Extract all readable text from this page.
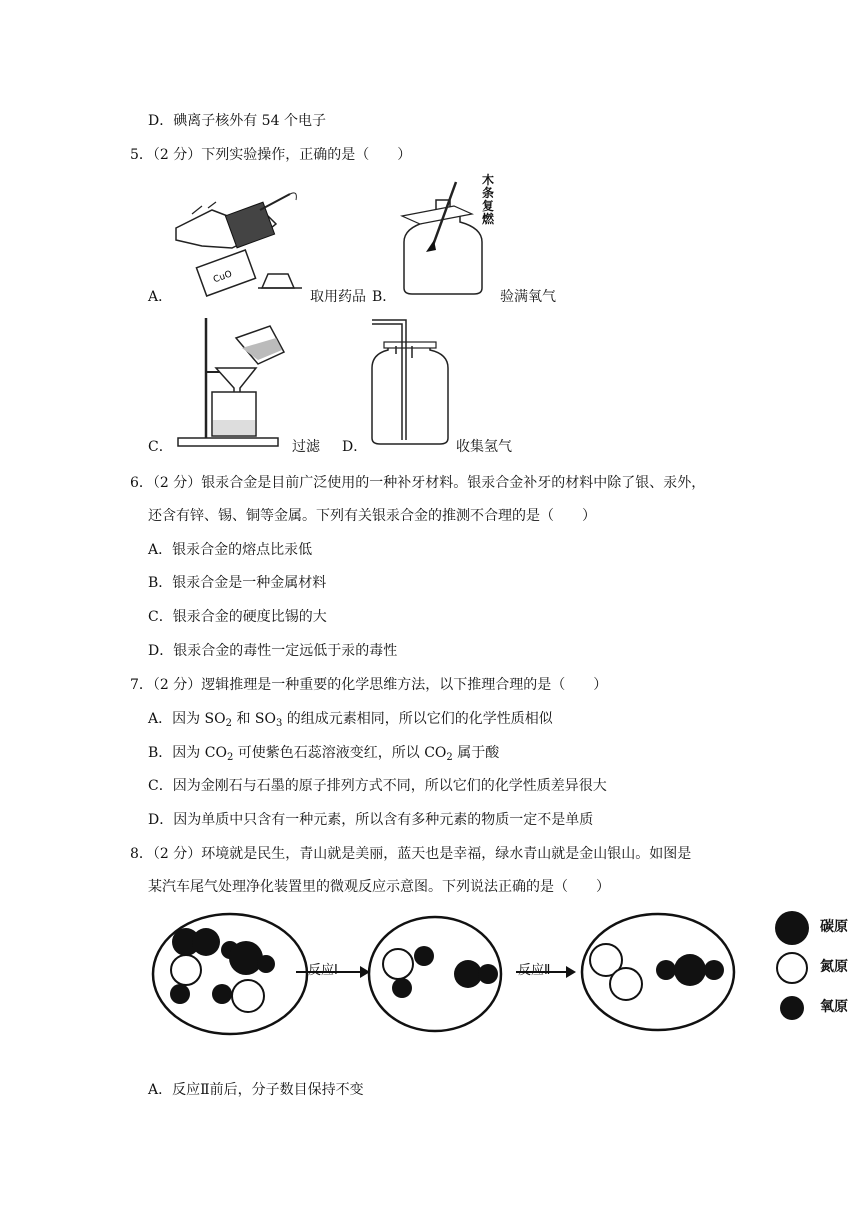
D．碘离子核外有 54 个电子
5．（2 分）下列实验操作，正确的是（　　）
A．
CuO
取用药品 B．
木条复燃
验满氧气
C．	过滤 D．	收集氢气
6．（2 分）银汞合金是目前广泛使用的一种补牙材料。银汞合金补牙的材料中除了银、汞外，
还含有锌、锡、铜等金属。下列有关银汞合金的推测不合理的是（　　）
A．银汞合金的熔点比汞低
B．银汞合金是一种金属材料
C．银汞合金的硬度比锡的大
D．银汞合金的毒性一定远低于汞的毒性
7．（2 分）逻辑推理是一种重要的化学思维方法，以下推理合理的是（　　）
A．因为 $SO_2$ 和 $SO_3$ 的组成元素相同，所以它们的化学性质相似
B．因为 $CO_2$ 可使紫色石蕊溶液变红，所以 $CO_2$ 属于酸
C．因为金刚石与石墨的原子排列方式不同，所以它们的化学性质差异很大
D．因为单质中只含有一种元素，所以含有多种元素的物质一定不是单质
8．（2 分）环境就是民生，青山就是美丽，蓝天也是幸福，绿水青山就是金山银山。如图是
某汽车尾气处理净化装置里的微观反应示意图。下列说法正确的是（　　）
反应Ⅰ	反应Ⅱ
碳原
氮原
氧原
A．反应Ⅱ前后，分子数目保持不变
